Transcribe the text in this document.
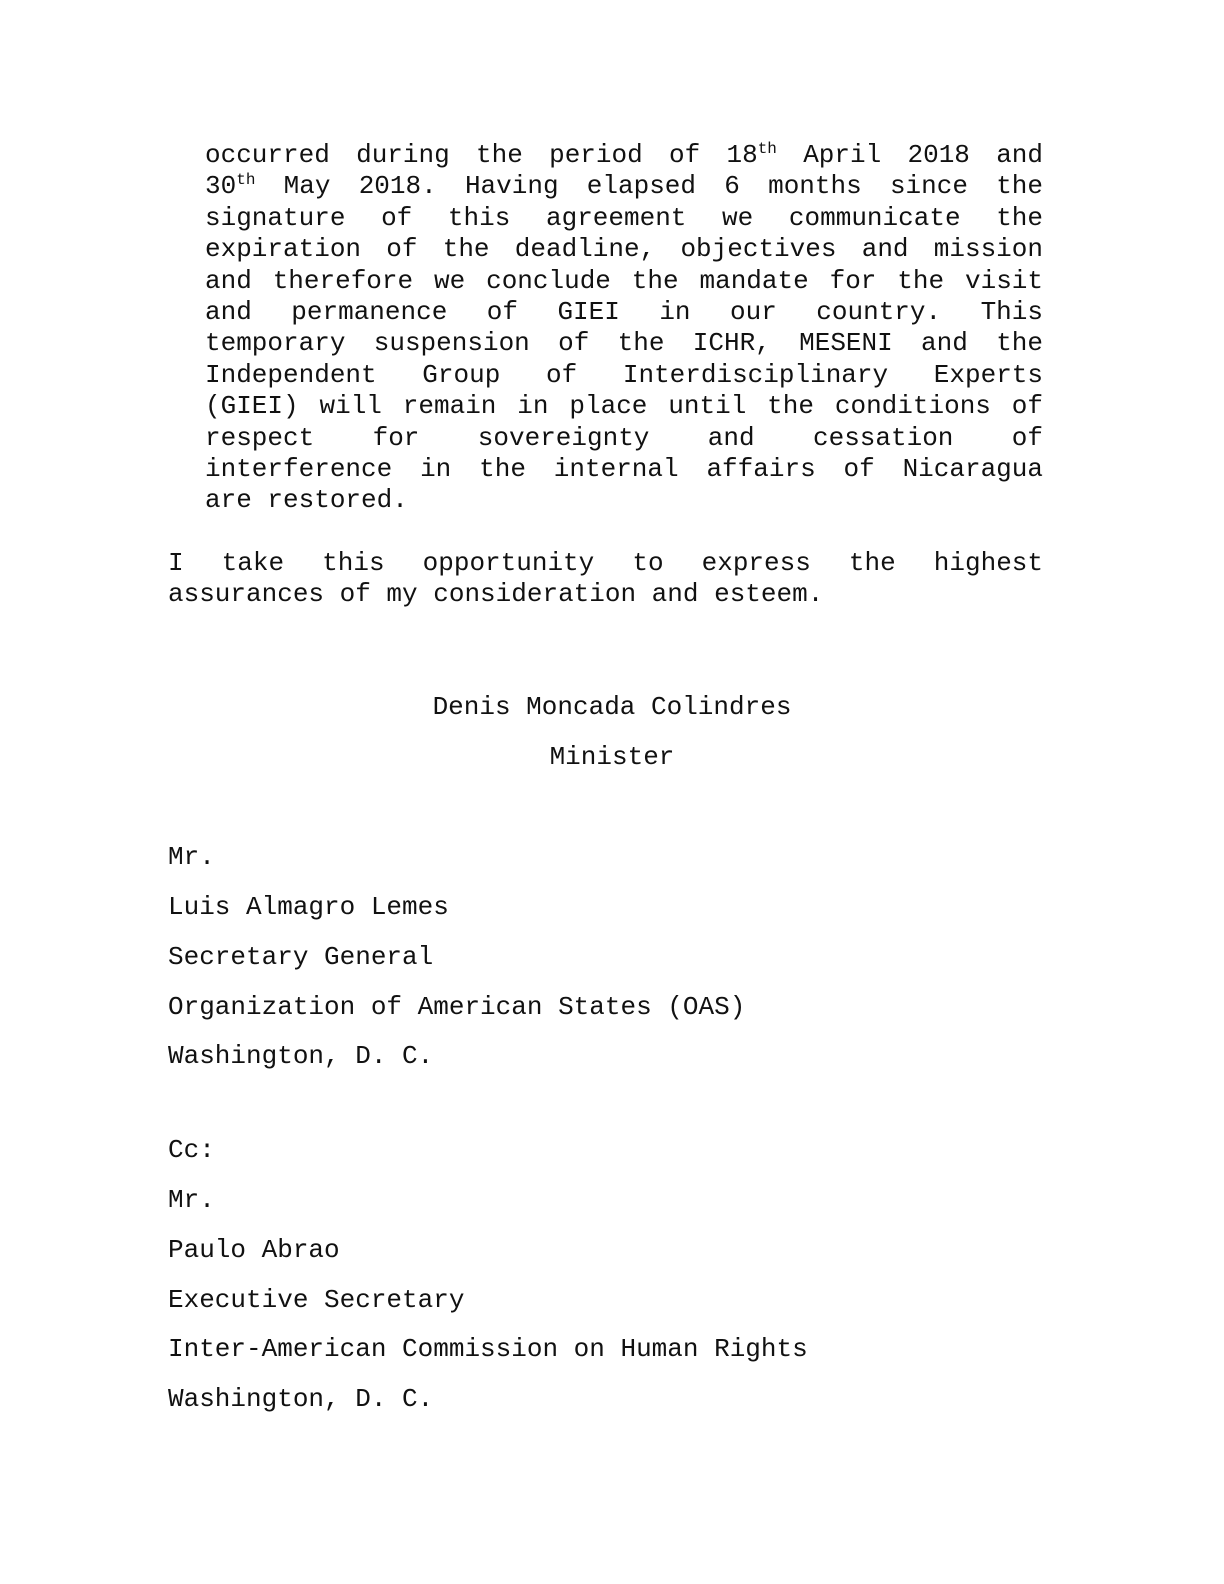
occurred during the period of 18th April 2018 and
30th May 2018. Having elapsed 6 months since the
signature of this agreement we communicate the
expiration of the deadline, objectives and mission
and therefore we conclude the mandate for the visit
and permanence of GIEI in our country. This
temporary suspension of the ICHR, MESENI and the
Independent Group of Interdisciplinary Experts
(GIEI) will remain in place until the conditions of
respect for sovereignty and cessation of
interference in the internal affairs of Nicaragua
are restored.
I take this opportunity to express the highest
assurances of my consideration and esteem.

Denis Moncada Colindres

Minister

Mr.

Luis Almagro Lemes

Secretary General

Organization of American States (OAS)

Washington, D. C.

Cc:

Mr.

Paulo Abrao

Executive Secretary

Inter-American Commission on Human Rights

Washington, D. C.
